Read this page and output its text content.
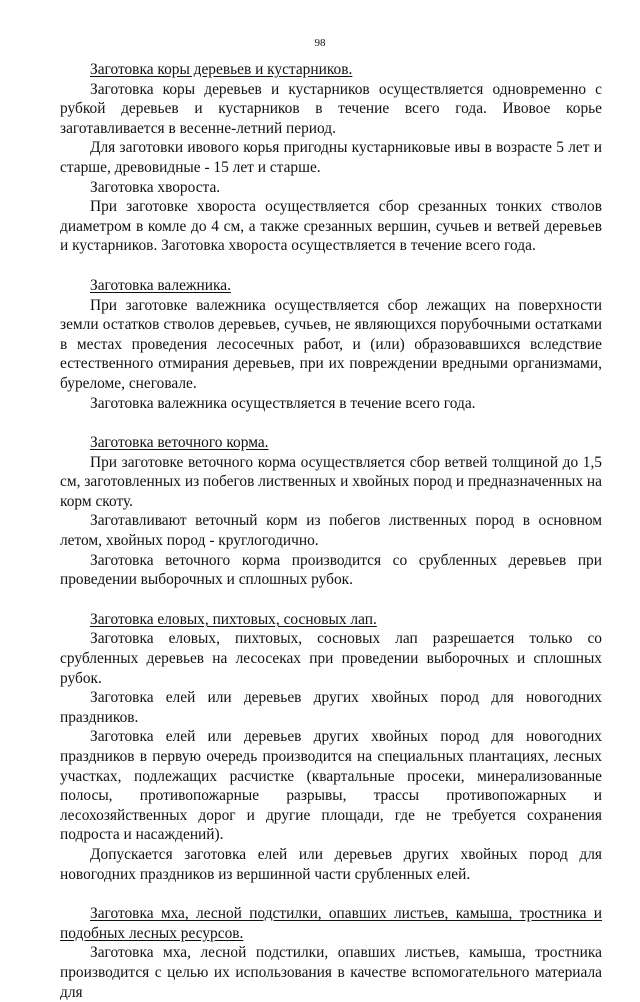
98

Заготовка коры деревьев и кустарников.

Заготовка коры деревьев и кустарников осуществляется одновременно с рубкой деревьев и кустарников в течение всего года. Ивовое корье заготавливается в весенне-летний период.

Для заготовки ивового корья пригодны кустарниковые ивы в возрасте 5 лет и старше, древовидные - 15 лет и старше.

Заготовка хвороста.

При заготовке хвороста осуществляется сбор срезанных тонких стволов диаметром в комле до 4 см, а также срезанных вершин, сучьев и ветвей деревьев и кустарников. Заготовка хвороста осуществляется в течение всего года.

Заготовка валежника.

При заготовке валежника осуществляется сбор лежащих на поверхности земли остатков стволов деревьев, сучьев, не являющихся порубочными остатками в местах проведения лесосечных работ, и (или) образовавшихся вследствие естественного отмирания деревьев, при их повреждении вредными организмами, буреломе, снеговале.

Заготовка валежника осуществляется в течение всего года.

Заготовка веточного корма.

При заготовке веточного корма осуществляется сбор ветвей толщиной до 1,5 см, заготовленных из побегов лиственных и хвойных пород и предназначенных на корм скоту.

Заготавливают веточный корм из побегов лиственных пород в основном летом, хвойных пород - круглогодично.

Заготовка веточного корма производится со срубленных деревьев при проведении выборочных и сплошных рубок.

Заготовка еловых, пихтовых, сосновых лап.

Заготовка еловых, пихтовых, сосновых лап разрешается только со срубленных деревьев на лесосеках при проведении выборочных и сплошных рубок.

Заготовка елей или деревьев других хвойных пород для новогодних праздников.

Заготовка елей или деревьев других хвойных пород для новогодних праздников в первую очередь производится на специальных плантациях, лесных участках, подлежащих расчистке (квартальные просеки, минерализованные полосы, противопожарные разрывы, трассы противопожарных и лесохозяйственных дорог и другие площади, где не требуется сохранения подроста и насаждений).

Допускается заготовка елей или деревьев других хвойных пород для новогодних праздников из вершинной части срубленных елей.

Заготовка мха, лесной подстилки, опавших листьев, камыша, тростника и подобных лесных ресурсов.

Заготовка мха, лесной подстилки, опавших листьев, камыша, тростника производится с целью их использования в качестве вспомогательного материала для
